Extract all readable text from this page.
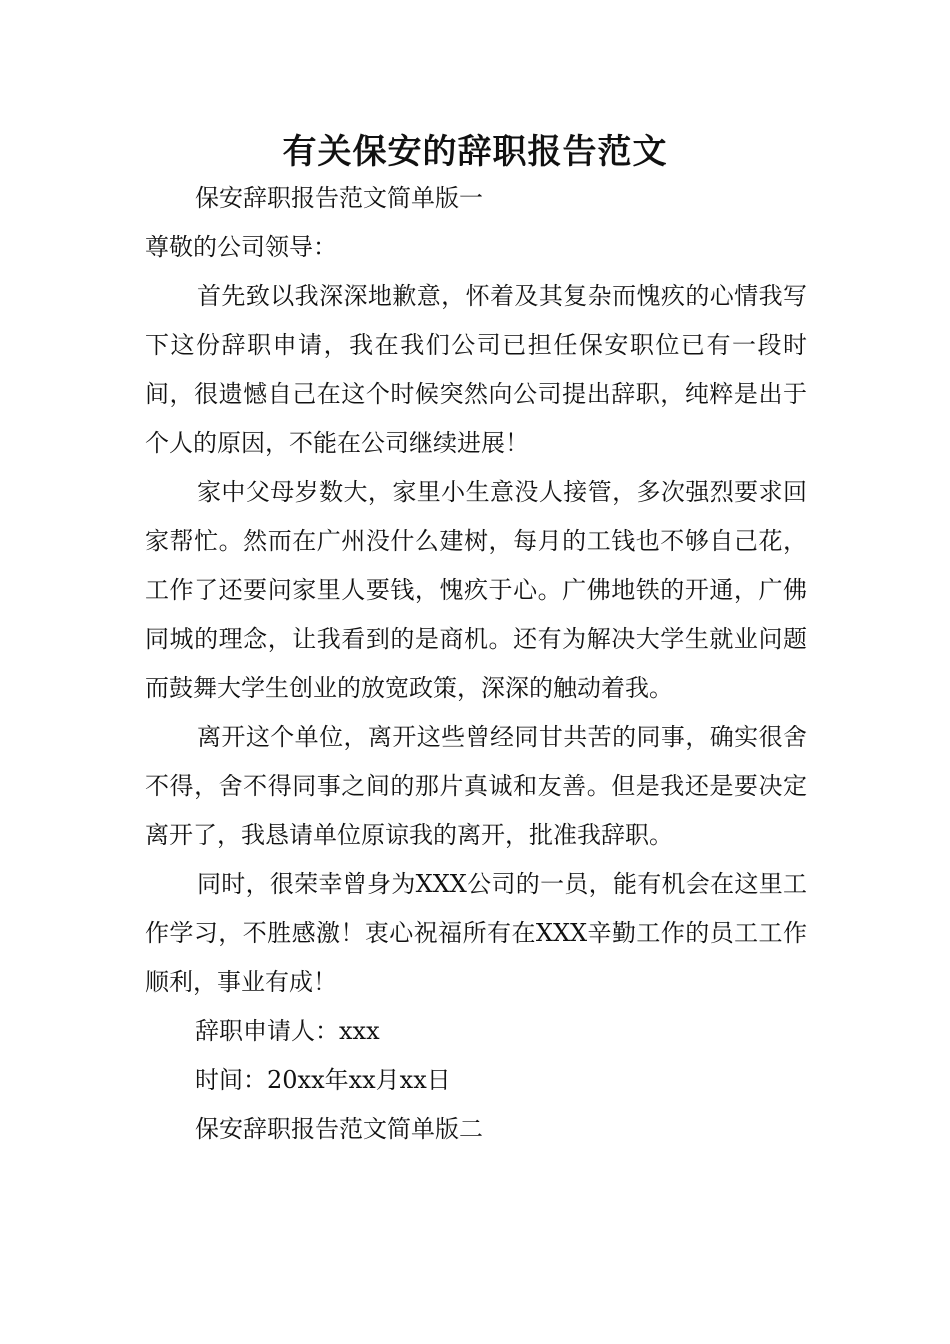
有关保安的辞职报告范文

保安辞职报告范文简单版一

尊敬的公司领导：

首先致以我深深地歉意，怀着及其复杂而愧疚的心情我写下这份辞职申请，我在我们公司已担任保安职位已有一段时间，很遗憾自己在这个时候突然向公司提出辞职，纯粹是出于个人的原因，不能在公司继续进展！

家中父母岁数大，家里小生意没人接管，多次强烈要求回家帮忙。然而在广州没什么建树，每月的工钱也不够自己花，工作了还要问家里人要钱，愧疚于心。广佛地铁的开通，广佛同城的理念，让我看到的是商机。还有为解决大学生就业问题而鼓舞大学生创业的放宽政策，深深的触动着我。

离开这个单位，离开这些曾经同甘共苦的同事，确实很舍不得，舍不得同事之间的那片真诚和友善。但是我还是要决定离开了，我恳请单位原谅我的离开，批准我辞职。

同时，很荣幸曾身为XXX公司的一员，能有机会在这里工作学习，不胜感激！衷心祝福所有在XXX辛勤工作的员工工作顺利，事业有成！

辞职申请人：xxx

时间：20xx年xx月xx日

保安辞职报告范文简单版二
